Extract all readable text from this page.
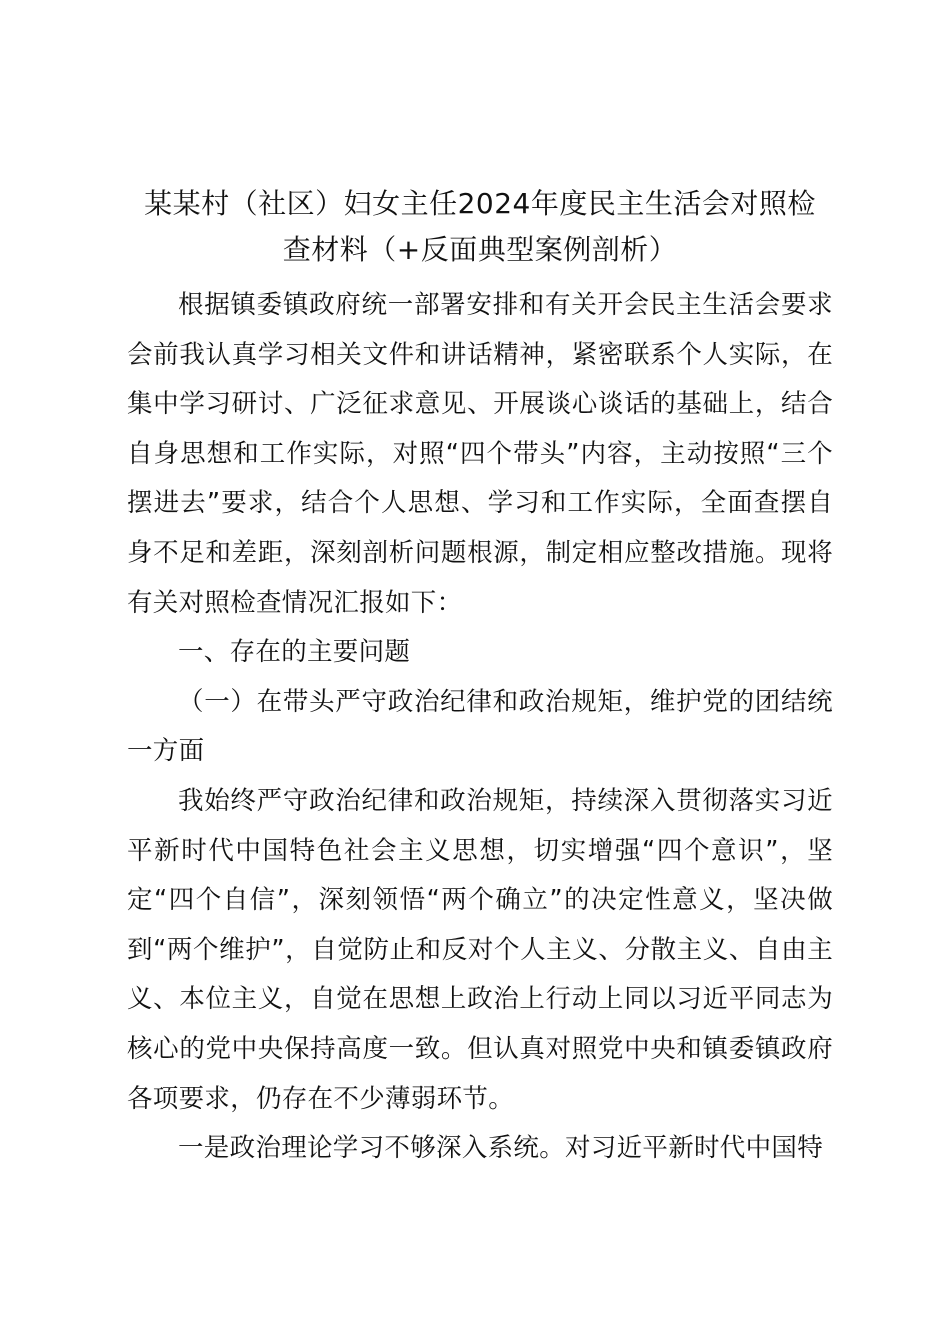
某某村（社区）妇女主任2024年度民主生活会对照检
查材料（+反面典型案例剖析）

根据镇委镇政府统一部署安排和有关开会民主生活会要求会前我认真学习相关文件和讲话精神，紧密联系个人实际，在集中学习研讨、广泛征求意见、开展谈心谈话的基础上，结合自身思想和工作实际，对照“四个带头”内容，主动按照“三个摆进去”要求，结合个人思想、学习和工作实际，全面查摆自身不足和差距，深刻剖析问题根源，制定相应整改措施。现将有关对照检查情况汇报如下：

一、存在的主要问题

（一）在带头严守政治纪律和政治规矩，维护党的团结统一方面

我始终严守政治纪律和政治规矩，持续深入贯彻落实习近平新时代中国特色社会主义思想，切实增强“四个意识”，坚定“四个自信”，深刻领悟“两个确立”的决定性意义，坚决做到“两个维护”，自觉防止和反对个人主义、分散主义、自由主义、本位主义，自觉在思想上政治上行动上同以习近平同志为核心的党中央保持高度一致。但认真对照党中央和镇委镇政府各项要求，仍存在不少薄弱环节。

一是政治理论学习不够深入系统。对习近平新时代中国特
